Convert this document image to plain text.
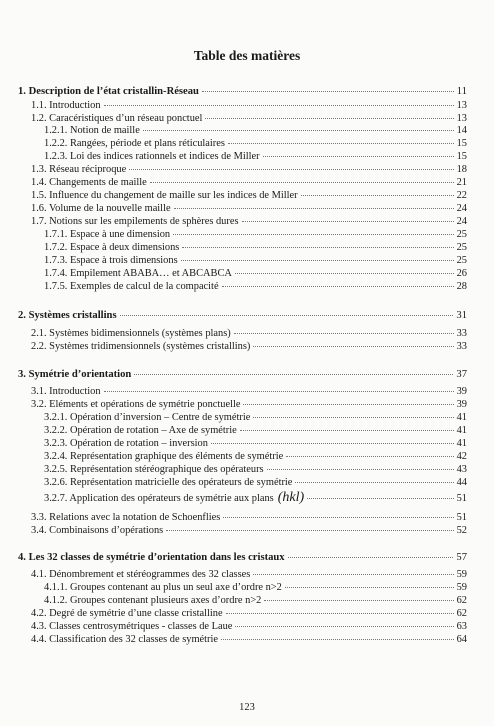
Table des matières
1. Description de l’état cristallin-Réseau	11
1.1. Introduction	13
1.2. Caracéristiques d’un réseau ponctuel	13
1.2.1. Notion de maille	14
1.2.2. Rangées, période et plans réticulaires	15
1.2.3. Loi des indices rationnels et indices de Miller	15
1.3. Réseau réciproque	18
1.4. Changements de maille	21
1.5. Influence du changement de maille sur les indices de Miller	22
1.6. Volume de la nouvelle maille	24
1.7. Notions sur les empilements de sphères dures	24
1.7.1. Espace à une dimension	25
1.7.2. Espace à deux dimensions	25
1.7.3. Espace à trois dimensions	25
1.7.4. Empilement ABABA… et ABCABCA	26
1.7.5. Exemples de calcul de la compacité	28
2. Systèmes cristallins	31
2.1. Systèmes bidimensionnels (systèmes plans)	33
2.2. Systèmes tridimensionnels (systèmes cristallins)	33
3. Symétrie d’orientation	37
3.1. Introduction	39
3.2. Eléments et opérations de symétrie ponctuelle	39
3.2.1. Opération d’inversion – Centre de symétrie	41
3.2.2. Opération de rotation – Axe de symétrie	41
3.2.3. Opération de rotation – inversion	41
3.2.4. Représentation graphique des éléments de symétrie	42
3.2.5. Représentation stéréographique des opérateurs	43
3.2.6. Représentation matricielle des opérateurs de symétrie	44
3.2.7. Application des opérateurs de symétrie aux plans (hkl)	51
3.3. Relations avec la notation de Schoenflies	51
3.4. Combinaisons d’opérations	52
4. Les 32 classes de symétrie d’orientation dans les cristaux	57
4.1. Dénombrement et stéréogrammes des 32 classes	59
4.1.1. Groupes contenant au plus un seul axe d’ordre n>2	59
4.1.2. Groupes contenant plusieurs axes d’ordre n>2	62
4.2. Degré de symétrie d’une classe cristalline	62
4.3. Classes centrosymétriques - classes de Laue	63
4.4. Classification des 32 classes de symétrie	64
123
